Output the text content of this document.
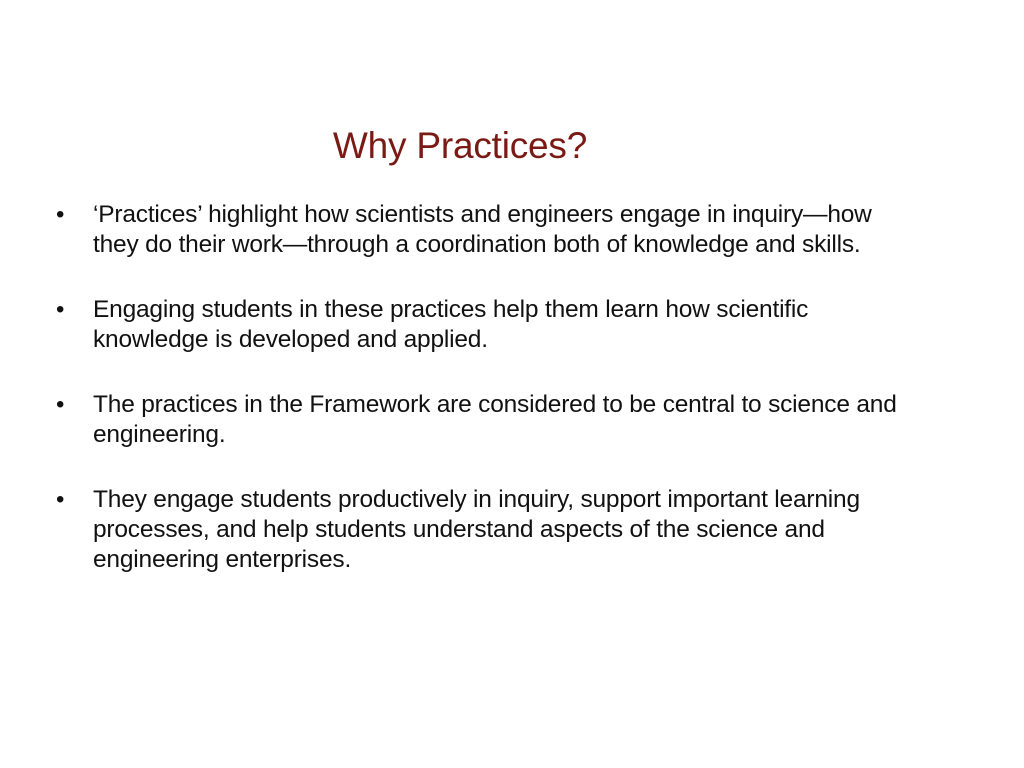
Why Practices?
• ‘Practices’ highlight how scientists and engineers engage in inquiry—how they do their work—through a coordination both of knowledge and skills.
• Engaging students in these practices help them learn how scientific knowledge is developed and applied.
• The practices in the Framework are considered to be central to science and engineering.
• They engage students productively in inquiry, support important learning processes, and help students understand aspects of the science and engineering enterprises.
